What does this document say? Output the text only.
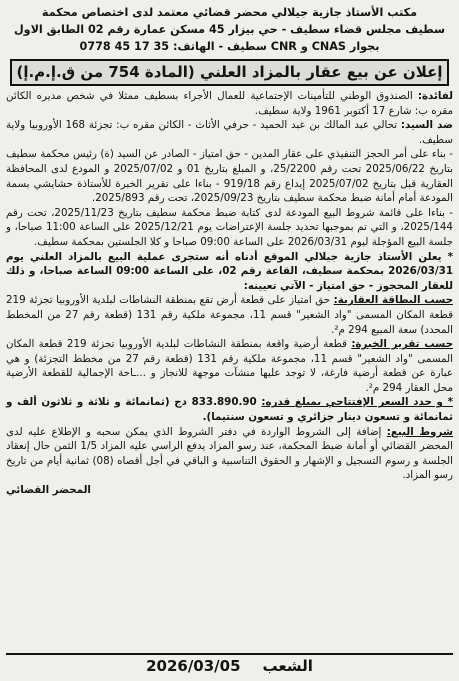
مكتب الأستاذ جازية جيلالي محضر قضائي معتمد لدى اختصاص محكمة
سطيف مجلس قضاء سطيف - حي بيزار 45 مسكن عمارة رقم 02 الطابق الاول
بجوار CNAS و CNR سطيف - الهاتف: 0778 45 17 35
إعلان عن بيع عقار بالمزاد العلني (المادة 754 من ق.إ.م.إ)

لفائدة: الصندوق الوطني للتأمينات الإجتماعية للعمال الأجراء بسطيف ممثلا في شخص مديره الكائن مقره ب: شارع 17 أكتوبر 1961 ولاية سطيف.

ضد السيد: تحالي عبد المالك بن عبد الحميد - حرفي الأثاث - الكائن مقره ب: تجزئة 168 الأوروبيا ولاية سطيف.

- بناء على أمر الحجز التنفيذي على عقار المدين - حق امتياز - الصادر عن السيد (ة) رئيس محكمة سطيف بتاريخ 2025/06/22 تحت رقم 25/2200، و المبلغ بتاريخ 01 و 2025/07/02 و المودع لدى المحافظة العقارية قبل بتاريخ 2025/07/02 إيداع رقم 919/18 - بناءا على تقرير الخبرة للأستاذة حشايشي بسمة المودعة أمام أمانة ضبط محكمة سطيف بتاريخ 2025/09/23، تحت رقم 2025/893.

- بناءا على قائمة شروط البيع المودعة لدى كتابة ضبط محكمة سطيف بتاريخ 2025/11/23، تحت رقم 2025/144، و التي تم بموجبها تحديد جلسة الإعتراضات يوم 2025/12/21 على الساعة 11:00 صباحا، و جلسة البيع المؤجلة ليوم 2026/03/31 على الساعة 09:00 صباحا و كلا الجلستين بمحكمة سطيف.

* يعلن الأستاذ جازية جيلالي الموقع أدناه أنه ستجرى عملية البيع بالمزاد العلني يوم 2026/03/31 بمحكمة سطيف، القاعة رقم 02، على الساعة 09:00 الساعة صباحا، و ذلك للعقار المحجوز - حق امتياز - الآتي تعيينه:

حسب البطاقة العقارية: حق امتياز على قطعة أرض تقع بمنطقة النشاطات لبلدية الأوروبيا تجزئة 219 قطعة المكان المسمى "واد الشعير" قسم 11، مجموعة ملكية رقم 131 (قطعة رقم 27 من المخطط المحدد) سعة المبيع 294 م².

حسب تقرير الخبرة: قطعة أرضية واقعة بمنطقة النشاطات لبلدية الأوروبيا تجزئة 219 قطعة المكان المسمى "واد الشعير" قسم 11، مجموعة ملكية رقم 131 (قطعة رقم 27 من مخطط التجزئة) و هي عبارة عن قطعة أرضية فارغة، لا توجد عليها منشآت موجهة للانجاز و ...ـاحة الإجمالية للقطعة الأرضية محل العقار 294 م².

* و حدد السعر الإفتتاحي بمبلغ قدره: 833.890.90 دج (ثمانمائة و ثلاثة و ثلاثون ألف و ثمانمائة و تسعون دينار جزائري و تسعون سنتيما).

شروط البيع: إضافة إلى الشروط الواردة في دفتر الشروط الذي يمكن سحبه و الإطلاع عليه لدى المحضر القضائي أو أمانة ضبط المحكمة، عند رسو المزاد يدفع الراسي عليه المزاد 1/5 الثمن حال إنعقاد الجلسة و رسوم التسجيل و الإشهار و الحقوق التناسبية و الباقي في أجل أقصاه (08) ثمانية أيام من تاريخ رسو المزاد.

المحضر القضائي
الشعب
2026/03/05
